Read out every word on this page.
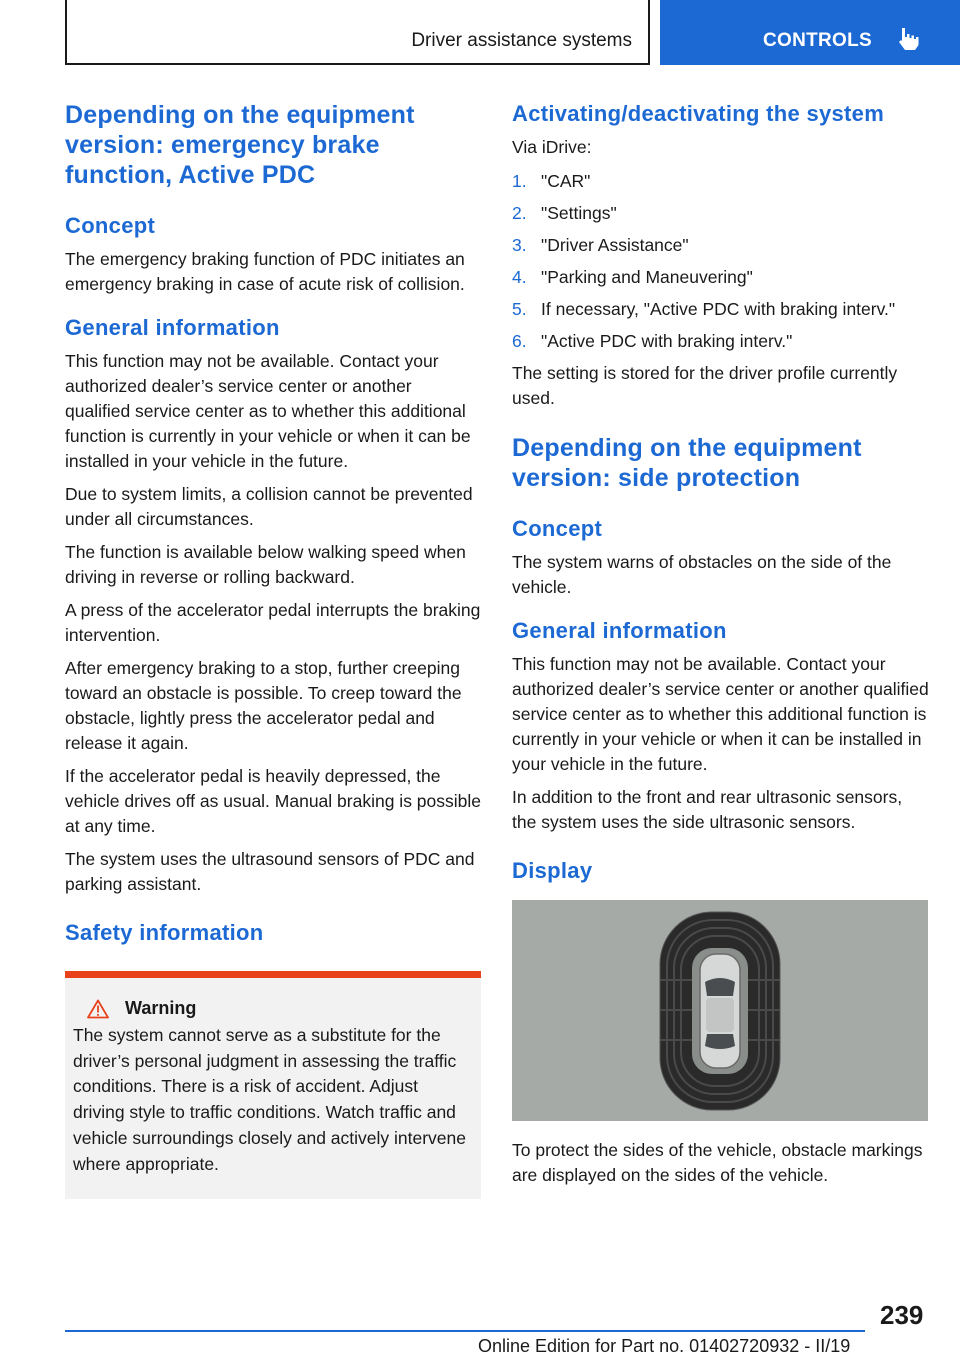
Driver assistance systems	CONTROLS
Depending on the equipment version: emergency brake function, Active PDC
Concept

The emergency braking function of PDC initiates an emergency braking in case of acute risk of collision.

General information

This function may not be available. Contact your authorized dealer’s service center or another qualified service center as to whether this additional function is currently in your vehicle or when it can be installed in your vehicle in the future.

Due to system limits, a collision cannot be prevented under all circumstances.

The function is available below walking speed when driving in reverse or rolling backward.

A press of the accelerator pedal interrupts the braking intervention.

After emergency braking to a stop, further creeping toward an obstacle is possible. To creep toward the obstacle, lightly press the accelerator pedal and release it again.

If the accelerator pedal is heavily depressed, the vehicle drives off as usual. Manual braking is possible at any time.

The system uses the ultrasound sensors of PDC and parking assistant.

Safety information
Warning

The system cannot serve as a substitute for the driver’s personal judgment in assessing the traffic conditions. There is a risk of accident. Adjust driving style to traffic conditions. Watch traffic and vehicle surroundings closely and actively intervene where appropriate.

Activating/deactivating the system

Via iDrive:

1. "CAR"
2. "Settings"
3. "Driver Assistance"
4. "Parking and Maneuvering"
5. If necessary, "Active PDC with braking interv."
6. "Active PDC with braking interv."

The setting is stored for the driver profile currently used.

Depending on the equipment version: side protection
Concept

The system warns of obstacles on the side of the vehicle.

General information

This function may not be available. Contact your authorized dealer’s service center or another qualified service center as to whether this additional function is currently in your vehicle or when it can be installed in your vehicle in the future.

In addition to the front and rear ultrasonic sensors, the system uses the side ultrasonic sensors.

Display

To protect the sides of the vehicle, obstacle markings are displayed on the sides of the vehicle.

239
Online Edition for Part no. 01402720932 - II/19
